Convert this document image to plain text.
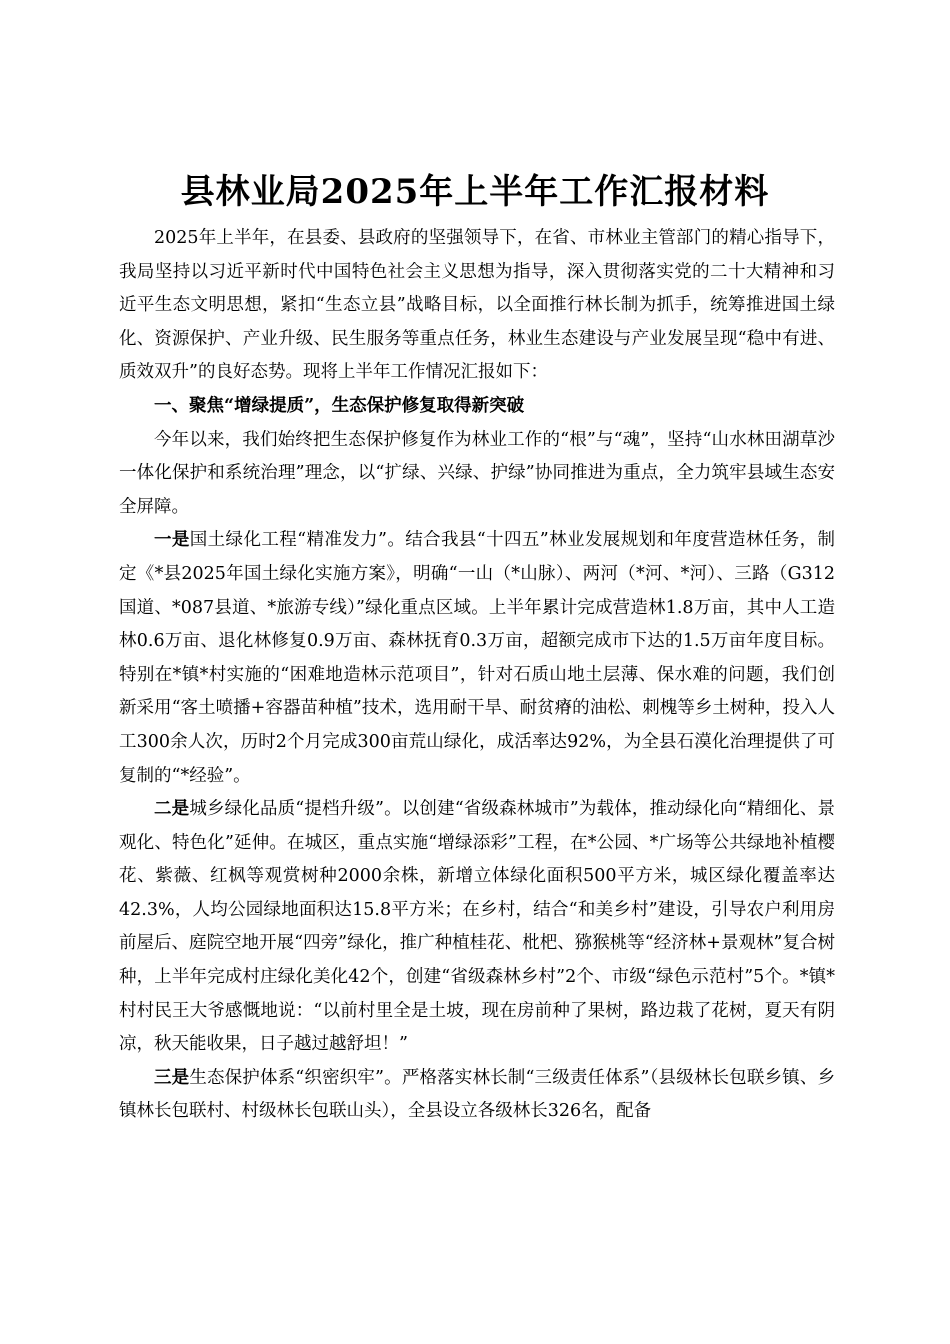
县林业局2025年上半年工作汇报材料

2025年上半年，在县委、县政府的坚强领导下，在省、市林业主管部门的精心指导下，我局坚持以习近平新时代中国特色社会主义思想为指导，深入贯彻落实党的二十大精神和习近平生态文明思想，紧扣“生态立县”战略目标，以全面推行林长制为抓手，统筹推进国土绿化、资源保护、产业升级、民生服务等重点任务，林业生态建设与产业发展呈现“稳中有进、质效双升”的良好态势。现将上半年工作情况汇报如下：

一、聚焦“增绿提质”，生态保护修复取得新突破

今年以来，我们始终把生态保护修复作为林业工作的“根”与“魂”，坚持“山水林田湖草沙一体化保护和系统治理”理念，以“扩绿、兴绿、护绿”协同推进为重点，全力筑牢县域生态安全屏障。

一是国土绿化工程“精准发力”。结合我县“十四五”林业发展规划和年度营造林任务，制定《*县2025年国土绿化实施方案》，明确“一山（*山脉）、两河（*河、*河）、三路（G312国道、*087县道、*旅游专线）”绿化重点区域。上半年累计完成营造林1.8万亩，其中人工造林0.6万亩、退化林修复0.9万亩、森林抚育0.3万亩，超额完成市下达的1.5万亩年度目标。特别在*镇*村实施的“困难地造林示范项目”，针对石质山地土层薄、保水难的问题，我们创新采用“客土喷播+容器苗种植”技术，选用耐干旱、耐贫瘠的油松、刺槐等乡土树种，投入人工300余人次，历时2个月完成300亩荒山绿化，成活率达92%，为全县石漠化治理提供了可复制的“*经验”。

二是城乡绿化品质“提档升级”。以创建“省级森林城市”为载体，推动绿化向“精细化、景观化、特色化”延伸。在城区，重点实施“增绿添彩”工程，在*公园、*广场等公共绿地补植樱花、紫薇、红枫等观赏树种2000余株，新增立体绿化面积500平方米，城区绿化覆盖率达42.3%，人均公园绿地面积达15.8平方米；在乡村，结合“和美乡村”建设，引导农户利用房前屋后、庭院空地开展“四旁”绿化，推广种植桂花、枇杷、猕猴桃等“经济林+景观林”复合树种，上半年完成村庄绿化美化42个，创建“省级森林乡村”2个、市级“绿色示范村”5个。*镇*村村民王大爷感慨地说：“以前村里全是土坡，现在房前种了果树，路边栽了花树，夏天有阴凉，秋天能收果，日子越过越舒坦！”

三是生态保护体系“织密织牢”。严格落实林长制“三级责任体系”（县级林长包联乡镇、乡镇林长包联村、村级林长包联山头），全县设立各级林长326名，配备
